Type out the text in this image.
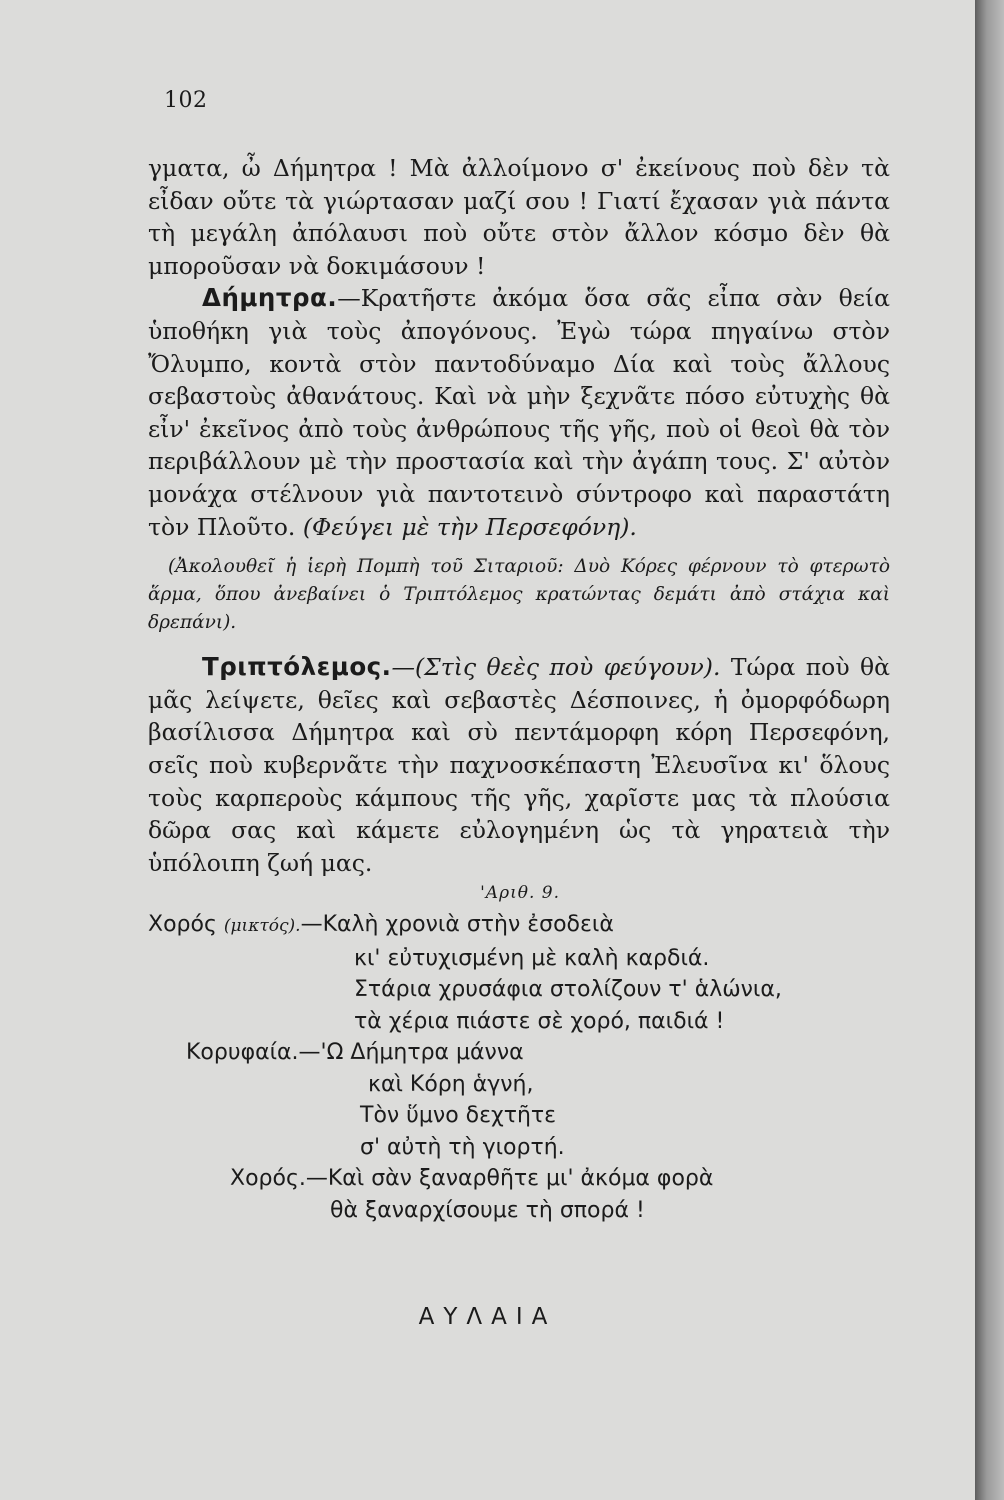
102

γματα, ὦ Δήμητρα ! Μὰ ἀλλοίμονο σ' ἐκείνους ποὺ δὲν τὰ εἶδαν οὔτε τὰ γιώρτασαν μαζί σου ! Γιατί ἔχασαν γιὰ πάντα τὴ μεγάλη ἀπόλαυσι ποὺ οὔτε στὸν ἄλλον κόσμο δὲν θὰ μποροῦσαν νὰ δοκιμάσουν !

Δήμητρα.—Κρατῆστε ἀκόμα ὅσα σᾶς εἶπα σὰν θεία ὑποθήκη γιὰ τοὺς ἀπογόνους. Ἐγὼ τώρα πηγαίνω στὸν Ὄλυμπο, κοντὰ στὸν παντοδύναμο Δία καὶ τοὺς ἄλλους σεβαστοὺς ἀθανάτους. Καὶ νὰ μὴν ξεχνᾶτε πόσο εὐτυχὴς θὰ εἶν' ἐκεῖνος ἀπὸ τοὺς ἀνθρώπους τῆς γῆς, ποὺ οἱ θεοὶ θὰ τὸν περιβάλλουν μὲ τὴν προστασία καὶ τὴν ἀγάπη τους. Σ' αὐτὸν μονάχα στέλνουν γιὰ παντοτεινὸ σύντροφο καὶ παραστάτη τὸν Πλοῦτο. (Φεύγει μὲ τὴν Περσεφόνη).

(Ἀκολουθεῖ ἡ ἱερὴ Πομπὴ τοῦ Σιταριοῦ: Δυὸ Κόρες φέρνουν τὸ φτερωτὸ ἅρμα, ὅπου ἀνεβαίνει ὁ Τριπτόλεμος κρατώντας δεμάτι ἀπὸ στάχια καὶ δρεπάνι).

Τριπτόλεμος.—(Στὶς θεὲς ποὺ φεύγουν). Τώρα ποὺ θὰ μᾶς λείψετε, θεῖες καὶ σεβαστὲς Δέσποινες, ἡ ὀμορφόδωρη βασίλισσα Δήμητρα καὶ σὺ πεντάμορφη κόρη Περσεφόνη, σεῖς ποὺ κυβερνᾶτε τὴν παχνοσκέπαστη Ἐλευσῖνα κι' ὅλους τοὺς καρπεροὺς κάμπους τῆς γῆς, χαρῖστε μας τὰ πλούσια δῶρα σας καὶ κάμετε εὐλογημένη ὡς τὰ γηρατειὰ τὴν ὑπόλοιπη ζωή μας.

'Αριθ. 9.

Χορός (μικτός).—Καλὴ χρονιὰ στὴν ἐσοδειὰ
κι' εὐτυχισμένη μὲ καλὴ καρδιά.
Στάρια χρυσάφια στολίζουν τ' ἁλώνια,
τὰ χέρια πιάστε σὲ χορό, παιδιά !
Κορυφαία.—'Ω Δήμητρα μάννα
καὶ Κόρη ἁγνή,
Τὸν ὕμνο δεχτῆτε
σ' αὐτὴ τὴ γιορτή.
Χορός.—Καὶ σὰν ξαναρθῆτε μι' ἀκόμα φορὰ
θὰ ξαναρχίσουμε τὴ σπορά !
ΑΥΛΑΙΑ
